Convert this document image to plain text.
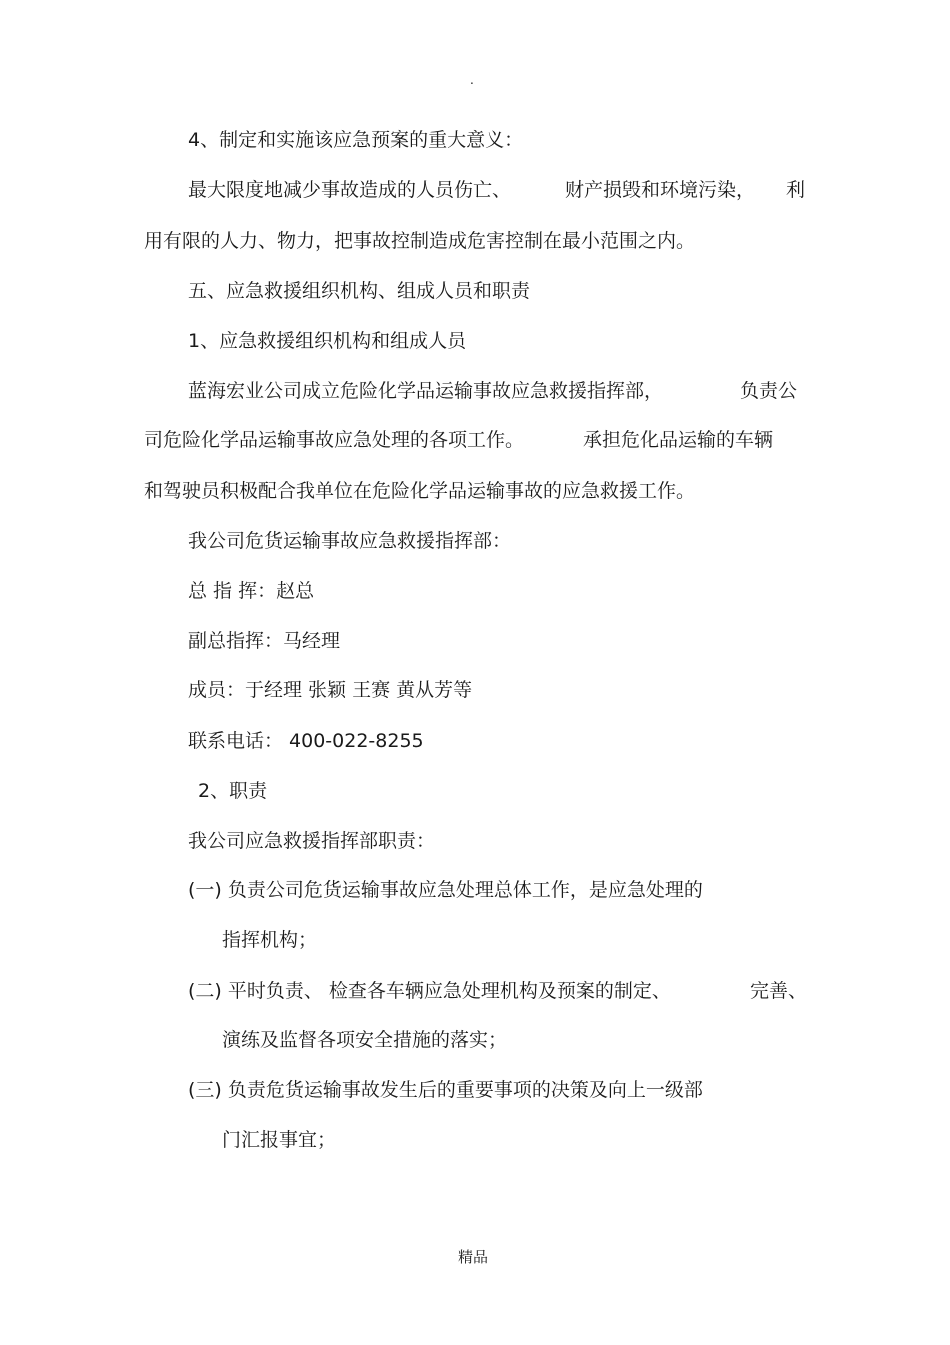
.
4、制定和实施该应急预案的重大意义：
最大限度地减少事故造成的人员伤亡、	财产损毁和环境污染， 利
用有限的人力、物力，把事故控制造成危害控制在最小范围之内。
五、应急救援组织机构、组成人员和职责
1、应急救援组织机构和组成人员
蓝海宏业公司成立危险化学品运输事故应急救援指挥部，	负责公
司危险化学品运输事故应急处理的各项工作。	承担危化品运输的车辆
和驾驶员积极配合我单位在危险化学品运输事故的应急救援工作。
我公司危货运输事故应急救援指挥部：
总 指 挥：赵总
副总指挥：马经理
成员：于经理 张颖 王赛 黄从芳等
联系电话： 400-022-8255
2、职责
我公司应急救援指挥部职责：
(一) 负责公司危货运输事故应急处理总体工作，是应急处理的
指挥机构；
(二) 平时负责、 检查各车辆应急处理机构及预案的制定、	完善、
演练及监督各项安全措施的落实；
(三) 负责危货运输事故发生后的重要事项的决策及向上一级部
门汇报事宜；
精品
